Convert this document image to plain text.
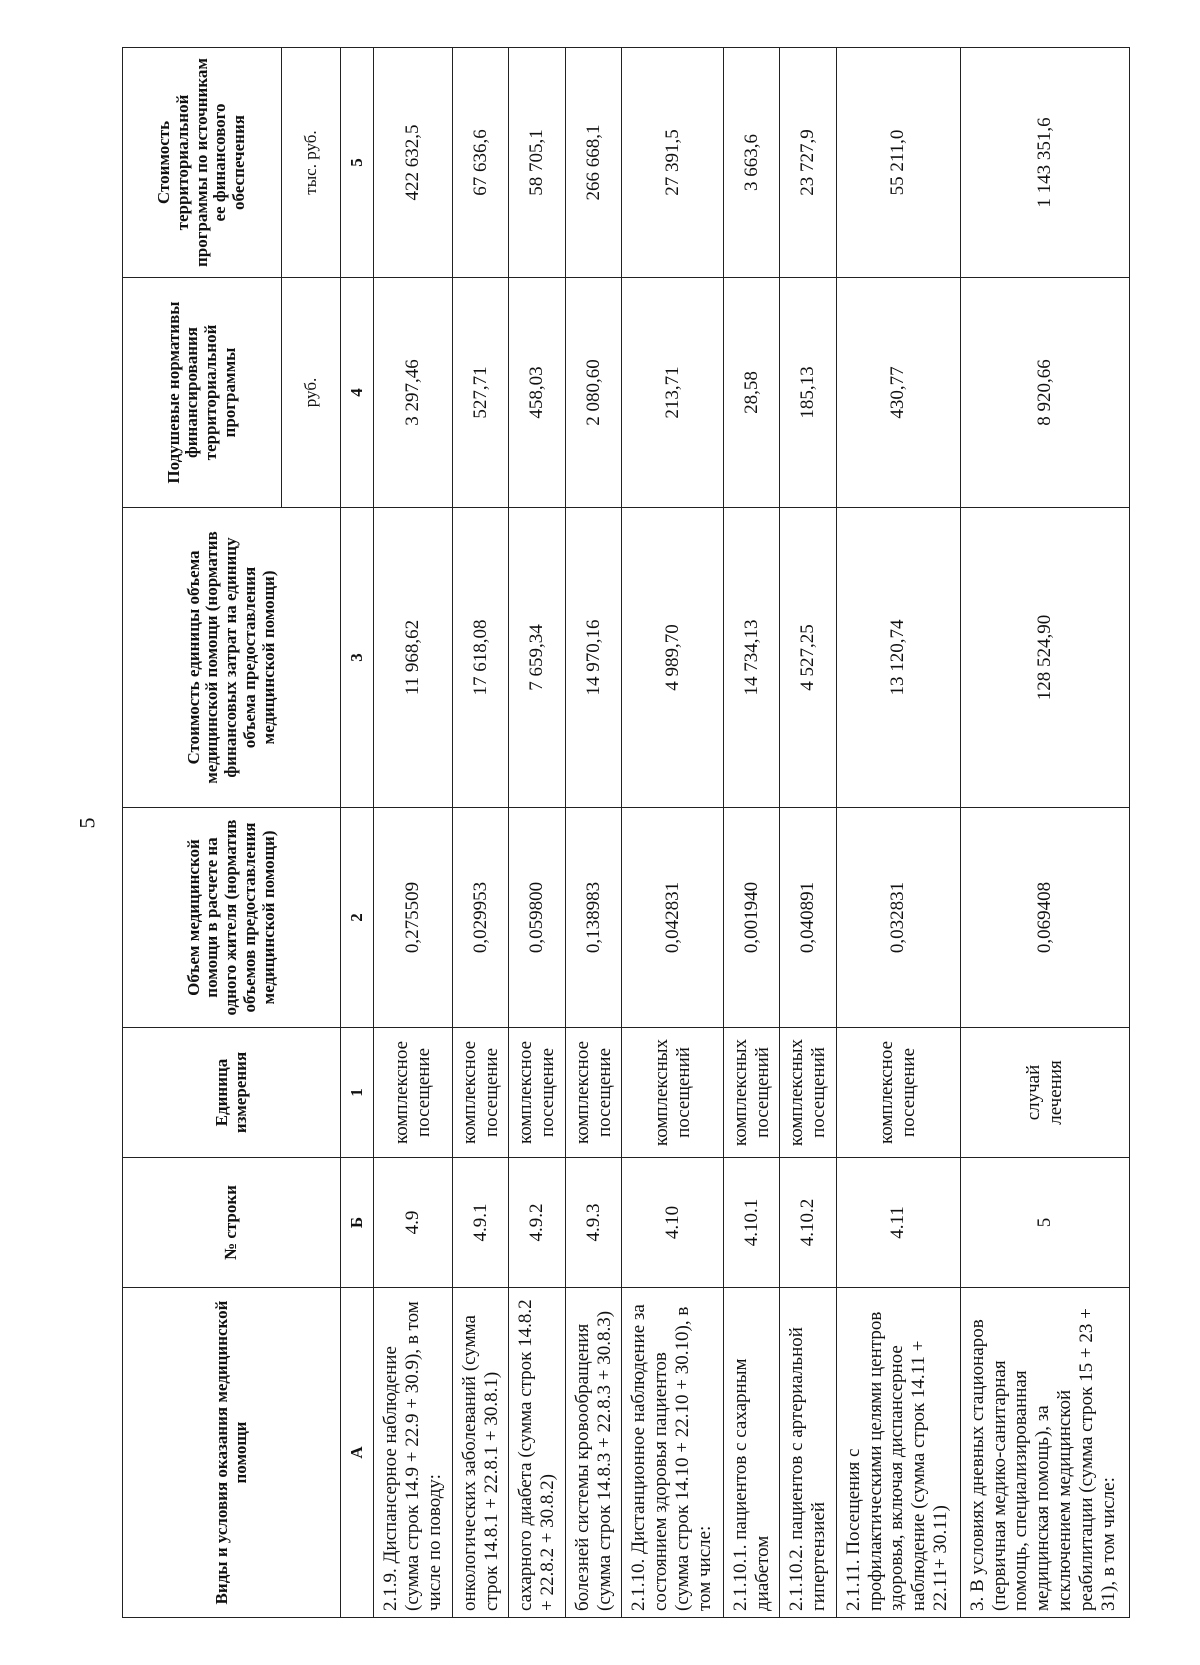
5
Виды и условия оказания медицинской помощи	№ строки	Единица измерения	Объем медицинской помощи в расчете на одного жителя (норматив объемов предоставления медицинской помощи)	Стоимость единицы объема медицинской помощи (норматив финансовых затрат на единицу объема предоставления медицинской помощи)	Подушевые нормативы финансирования территориальной программы	Стоимость территориальной программы по источникам ее финансового обеспечения
					руб.	тыс. руб.
А	Б	1	2	3	4	5
2.1.9. Диспансерное наблюдение (сумма строк 14.9 + 22.9 + 30.9), в том числе по поводу:	4.9	комплексное посещение	0,275509	11 968,62	3 297,46	422 632,5
онкологических заболеваний (сумма строк 14.8.1 + 22.8.1 + 30.8.1)	4.9.1	комплексное посещение	0,029953	17 618,08	527,71	67 636,6
сахарного диабета (сумма строк 14.8.2 + 22.8.2 + 30.8.2)	4.9.2	комплексное посещение	0,059800	7 659,34	458,03	58 705,1
болезней системы кровообращения (сумма строк 14.8.3 + 22.8.3 + 30.8.3)	4.9.3	комплексное посещение	0,138983	14 970,16	2 080,60	266 668,1
2.1.10. Дистанционное наблюдение за состоянием здоровья пациентов (сумма строк 14.10 + 22.10 + 30.10), в том числе:	4.10	комплексных посещений	0,042831	4 989,70	213,71	27 391,5
2.1.10.1. пациентов с сахарным диабетом	4.10.1	комплексных посещений	0,001940	14 734,13	28,58	3 663,6
2.1.10.2. пациентов с артериальной гипертензией	4.10.2	комплексных посещений	0,040891	4 527,25	185,13	23 727,9
2.1.11. Посещения с профилактическими целями центров здоровья, включая диспансерное наблюдение (сумма строк 14.11 + 22.11+ 30.11)	4.11	комплексное посещение	0,032831	13 120,74	430,77	55 211,0
3. В условиях дневных стационаров (первичная медико-санитарная помощь, специализированная медицинская помощь), за исключением медицинской реабилитации (сумма строк 15 + 23 + 31), в том числе:	5	случай лечения	0,069408	128 524,90	8 920,66	1 143 351,6
